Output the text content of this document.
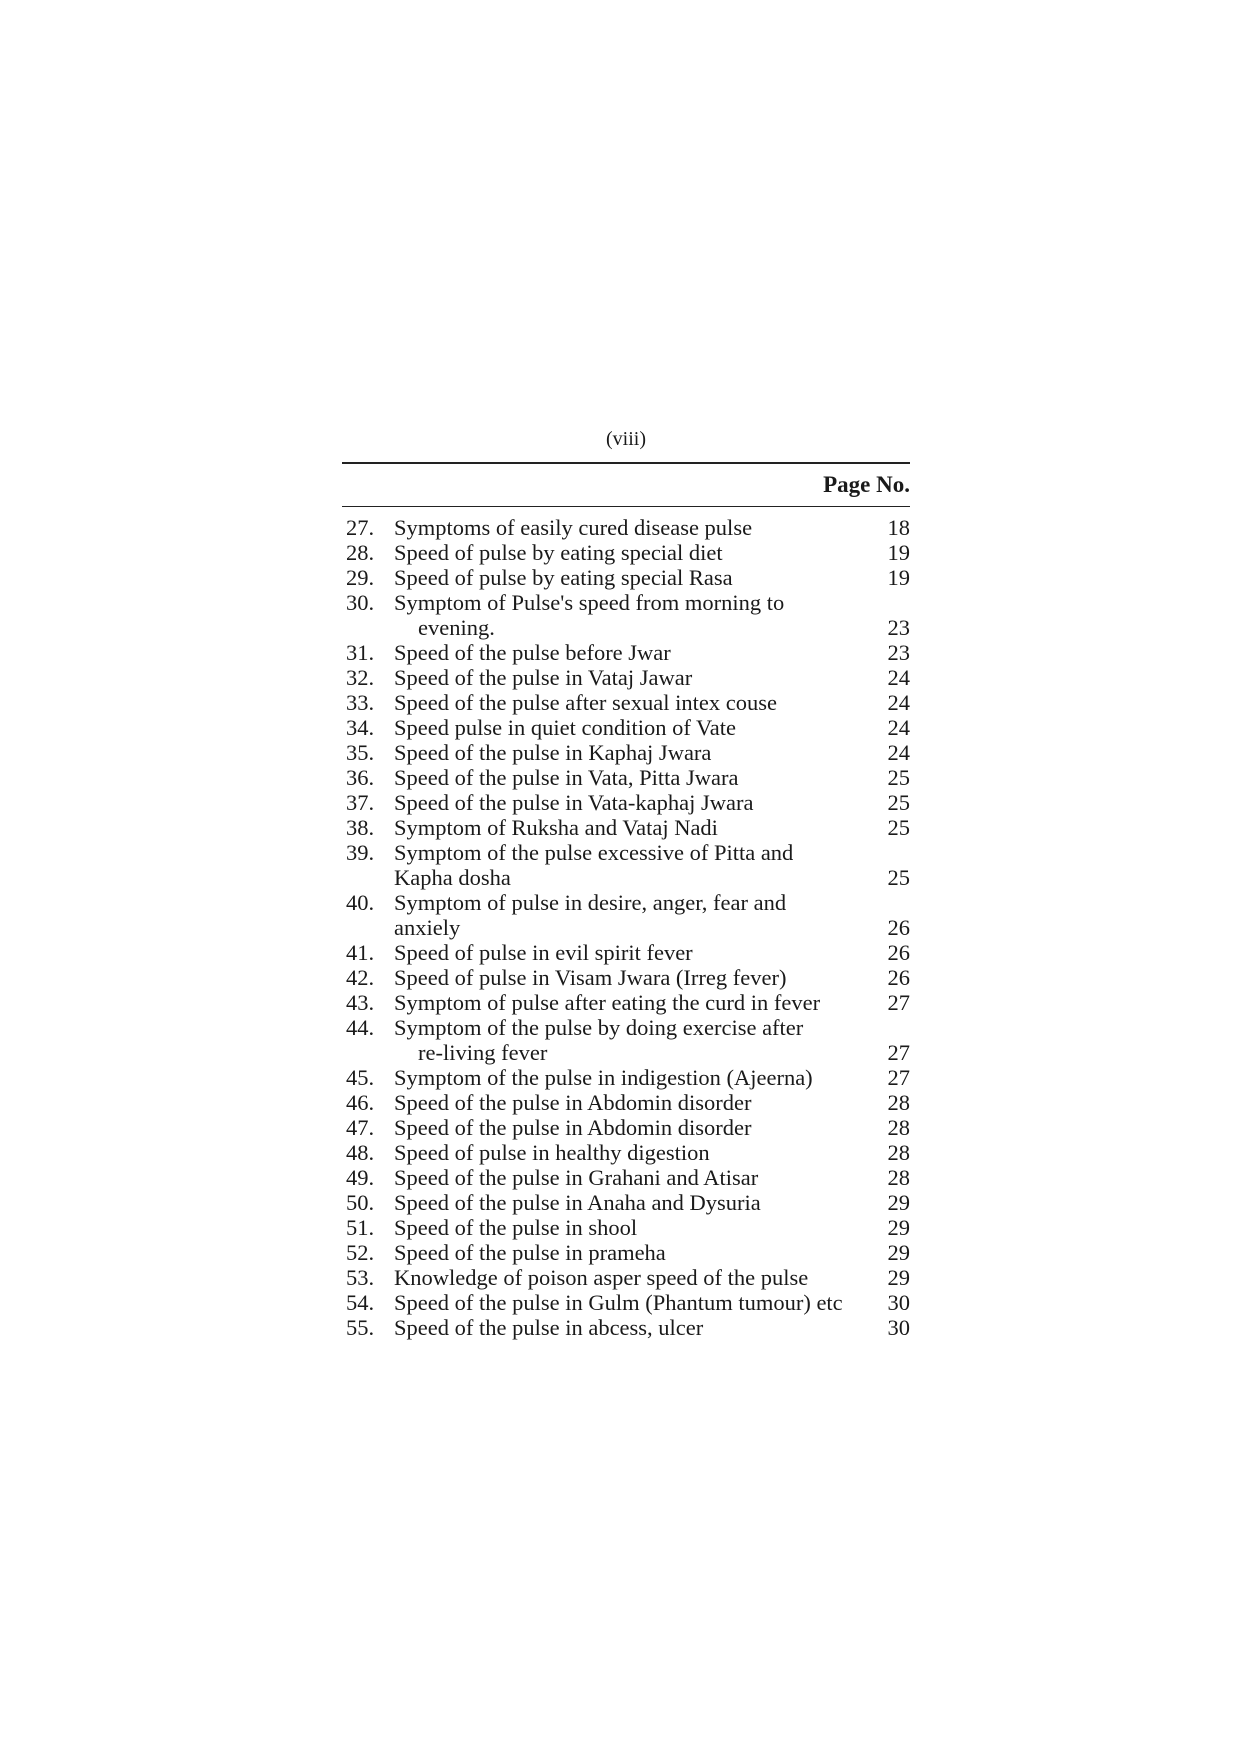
(viii)
Page No.
27. Symptoms of easily cured disease pulse	18
28. Speed of pulse by eating special diet	19
29. Speed of pulse by eating special Rasa	19
30. Symptom of Pulse's speed from morning to
evening.	23
31. Speed of the pulse before Jwar	23
32. Speed of the pulse in Vataj Jawar	24
33. Speed of the pulse after sexual intex couse	24
34. Speed pulse in quiet condition of Vate	24
35. Speed of the pulse in Kaphaj Jwara	24
36. Speed of the pulse in Vata, Pitta Jwara	25
37. Speed of the pulse in Vata-kaphaj Jwara	25
38. Symptom of Ruksha and Vataj Nadi	25
39. Symptom of the pulse excessive of Pitta and
Kapha dosha	25
40. Symptom of pulse in desire, anger, fear and
anxiely	26
41. Speed of pulse in evil spirit fever	26
42. Speed of pulse in Visam Jwara (Irreg fever)	26
43. Symptom of pulse after eating the curd in fever	27
44. Symptom of the pulse by doing exercise after
re-living fever	27
45. Symptom of the pulse in indigestion (Ajeerna)	27
46. Speed of the pulse in Abdomin disorder	28
47. Speed of the pulse in Abdomin disorder	28
48. Speed of pulse in healthy digestion	28
49. Speed of the pulse in Grahani and Atisar	28
50. Speed of the pulse in Anaha and Dysuria	29
51. Speed of the pulse in shool	29
52. Speed of the pulse in prameha	29
53. Knowledge of poison asper speed of the pulse	29
54. Speed of the pulse in Gulm (Phantum tumour) etc	30
55. Speed of the pulse in abcess, ulcer	30
